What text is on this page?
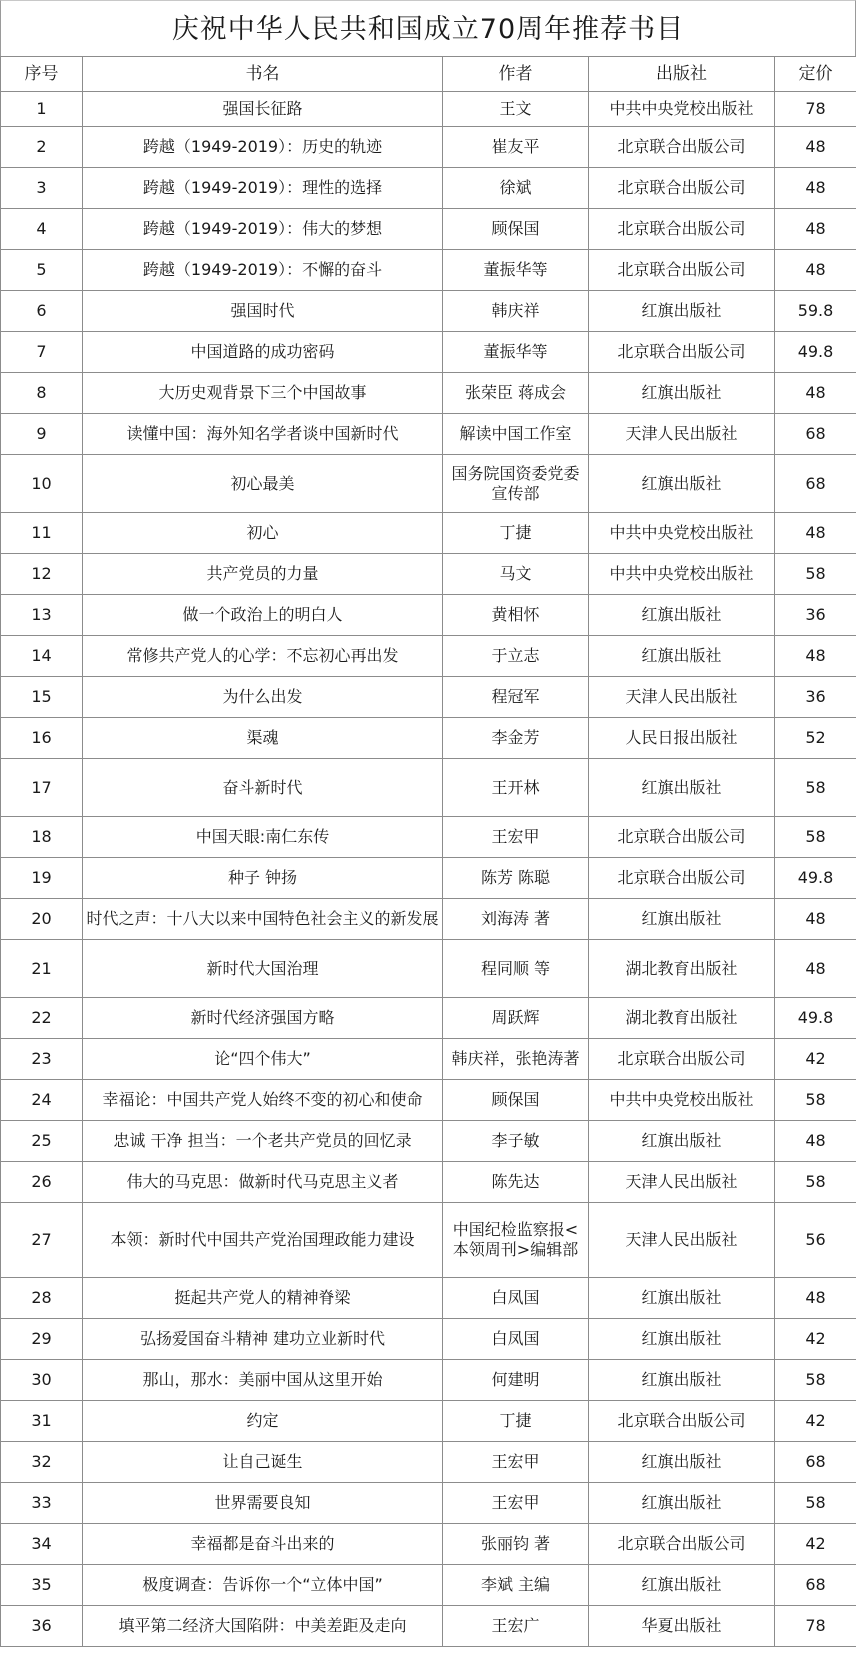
庆祝中华人民共和国成立70周年推荐书目
序号	书名	作者	出版社	定价
1	强国长征路	王文	中共中央党校出版社	78
2	跨越（1949-2019）：历史的轨迹	崔友平	北京联合出版公司	48
3	跨越（1949-2019）：理性的选择	徐斌	北京联合出版公司	48
4	跨越（1949-2019）：伟大的梦想	顾保国	北京联合出版公司	48
5	跨越（1949-2019）：不懈的奋斗	董振华等	北京联合出版公司	48
6	强国时代	韩庆祥	红旗出版社	59.8
7	中国道路的成功密码	董振华等	北京联合出版公司	49.8
8	大历史观背景下三个中国故事	张荣臣 蒋成会	红旗出版社	48
9	读懂中国：海外知名学者谈中国新时代	解读中国工作室	天津人民出版社	68
10	初心最美	国务院国资委党委宣传部	红旗出版社	68
11	初心	丁捷	中共中央党校出版社	48
12	共产党员的力量	马文	中共中央党校出版社	58
13	做一个政治上的明白人	黄相怀	红旗出版社	36
14	常修共产党人的心学：不忘初心再出发	于立志	红旗出版社	48
15	为什么出发	程冠军	天津人民出版社	36
16	渠魂	李金芳	人民日报出版社	52
17	奋斗新时代	王开林	红旗出版社	58
18	中国天眼:南仁东传	王宏甲	北京联合出版公司	58
19	种子 钟扬	陈芳 陈聪	北京联合出版公司	49.8
20	时代之声：十八大以来中国特色社会主义的新发展	刘海涛 著	红旗出版社	48
21	新时代大国治理	程同顺 等	湖北教育出版社	48
22	新时代经济强国方略	周跃辉	湖北教育出版社	49.8
23	论“四个伟大”	韩庆祥，张艳涛著	北京联合出版公司	42
24	幸福论：中国共产党人始终不变的初心和使命	顾保国	中共中央党校出版社	58
25	忠诚 干净 担当：一个老共产党员的回忆录	李子敏	红旗出版社	48
26	伟大的马克思：做新时代马克思主义者	陈先达	天津人民出版社	58
27	本领：新时代中国共产党治国理政能力建设	中国纪检监察报<本领周刊>编辑部	天津人民出版社	56
28	挺起共产党人的精神脊梁	白凤国	红旗出版社	48
29	弘扬爱国奋斗精神 建功立业新时代	白凤国	红旗出版社	42
30	那山，那水：美丽中国从这里开始	何建明	红旗出版社	58
31	约定	丁捷	北京联合出版公司	42
32	让自己诞生	王宏甲	红旗出版社	68
33	世界需要良知	王宏甲	红旗出版社	58
34	幸福都是奋斗出来的	张丽钧 著	北京联合出版公司	42
35	极度调查：告诉你一个“立体中国”	李斌 主编	红旗出版社	68
36	填平第二经济大国陷阱：中美差距及走向	王宏广	华夏出版社	78
